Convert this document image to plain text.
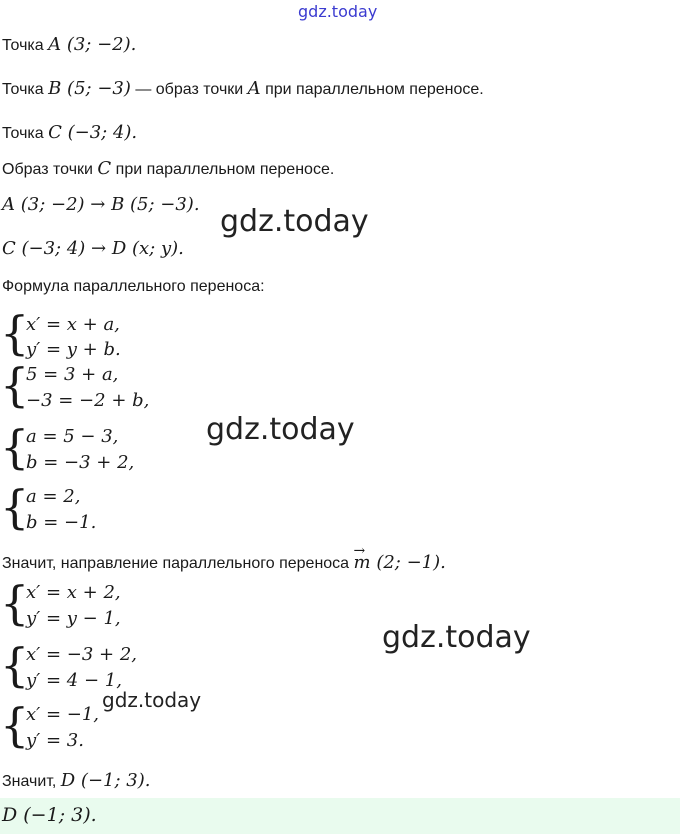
gdz.today
Точка A (3; −2).
Точка B (5; −3) — образ точки A при параллельном переносе.
Точка C (−3; 4).
Образ точки C при параллельном переносе.
A (3; −2) → B (5; −3). gdz.today
C (−3; 4) → D (x; y).
Формула параллельного переноса:
{
x′ = x + a,
y′ = y + b.
{
5 = 3 + a,
−3 = −2 + b,
gdz.today
{
a = 5 − 3,
b = −3 + 2,
{
a = 2,
b = −1.
Значит, направление параллельного переноса → m (2; −1).
{
x′ = x + 2,
y′ = y − 1,
gdz.today
{
x′ = −3 + 2,
y′ = 4 − 1,
{
x′ = −1,
y′ = 3.
gdz.today
Значит, D (−1; 3).
D (−1; 3).
